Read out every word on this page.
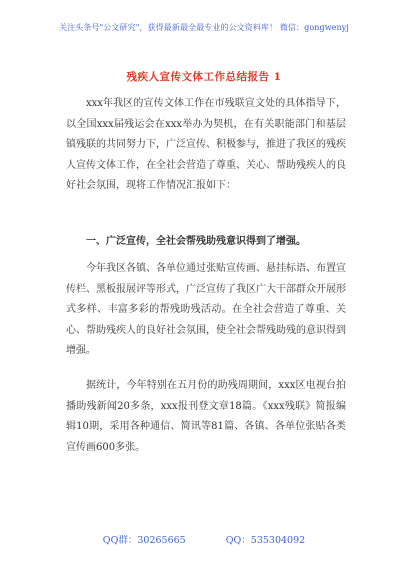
关注头条号"公文研究"，获得最新最全最专业的公文资料库！ 微信：gongwenyj
残疾人宣传文体工作总结报告 1

xxx年我区的宣传文体工作在市残联宣文处的具体指导下，以全国xxx届残运会在xxx举办为契机，在有关职能部门和基层镇残联的共同努力下，广泛宣传、积极参与，推进了我区的残疾人宣传文体工作，在全社会营造了尊重、关心、帮助残疾人的良好社会氛围，现将工作情况汇报如下：

一、广泛宣传，全社会帮残助残意识得到了增强。

今年我区各镇、各单位通过张贴宣传画、悬挂标语、布置宣传栏、黑板报展评等形式，广泛宣传了我区广大干部群众开展形式多样、丰富多彩的帮残助残活动。在全社会营造了尊重、关心、帮助残疾人的良好社会氛围，使全社会帮残助残的意识得到增强。

据统计，今年特别在五月份的助残周期间，xxx区电视台拍播助残新闻20多条，xxx报刊登文章18篇。《xxx残联》简报编辑10期，采用各种通信、简讯等81篇、各镇、各单位张贴各类宣传画600多张。

QQ群：30265665	QQ：535304092
